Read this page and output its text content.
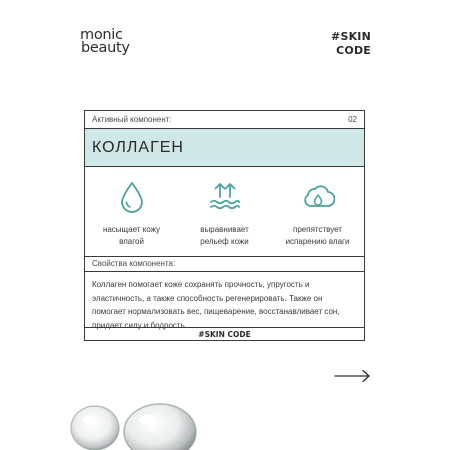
monic
beauty
#SKIN
CODE
Активный компонент:	02
КОЛЛАГЕН
насыщает кожу
влагой
выравнивает
рельеф кожи
препятствует
испарению влаги
Свойства компонента:
Коллаген помогает коже сохранять прочность, упругость и эластичность, а также способность регенерировать. Также он помогает нормализовать вес, пищеварение, восстанавливает сон, придает силу и бодрость.
#SKIN CODE
